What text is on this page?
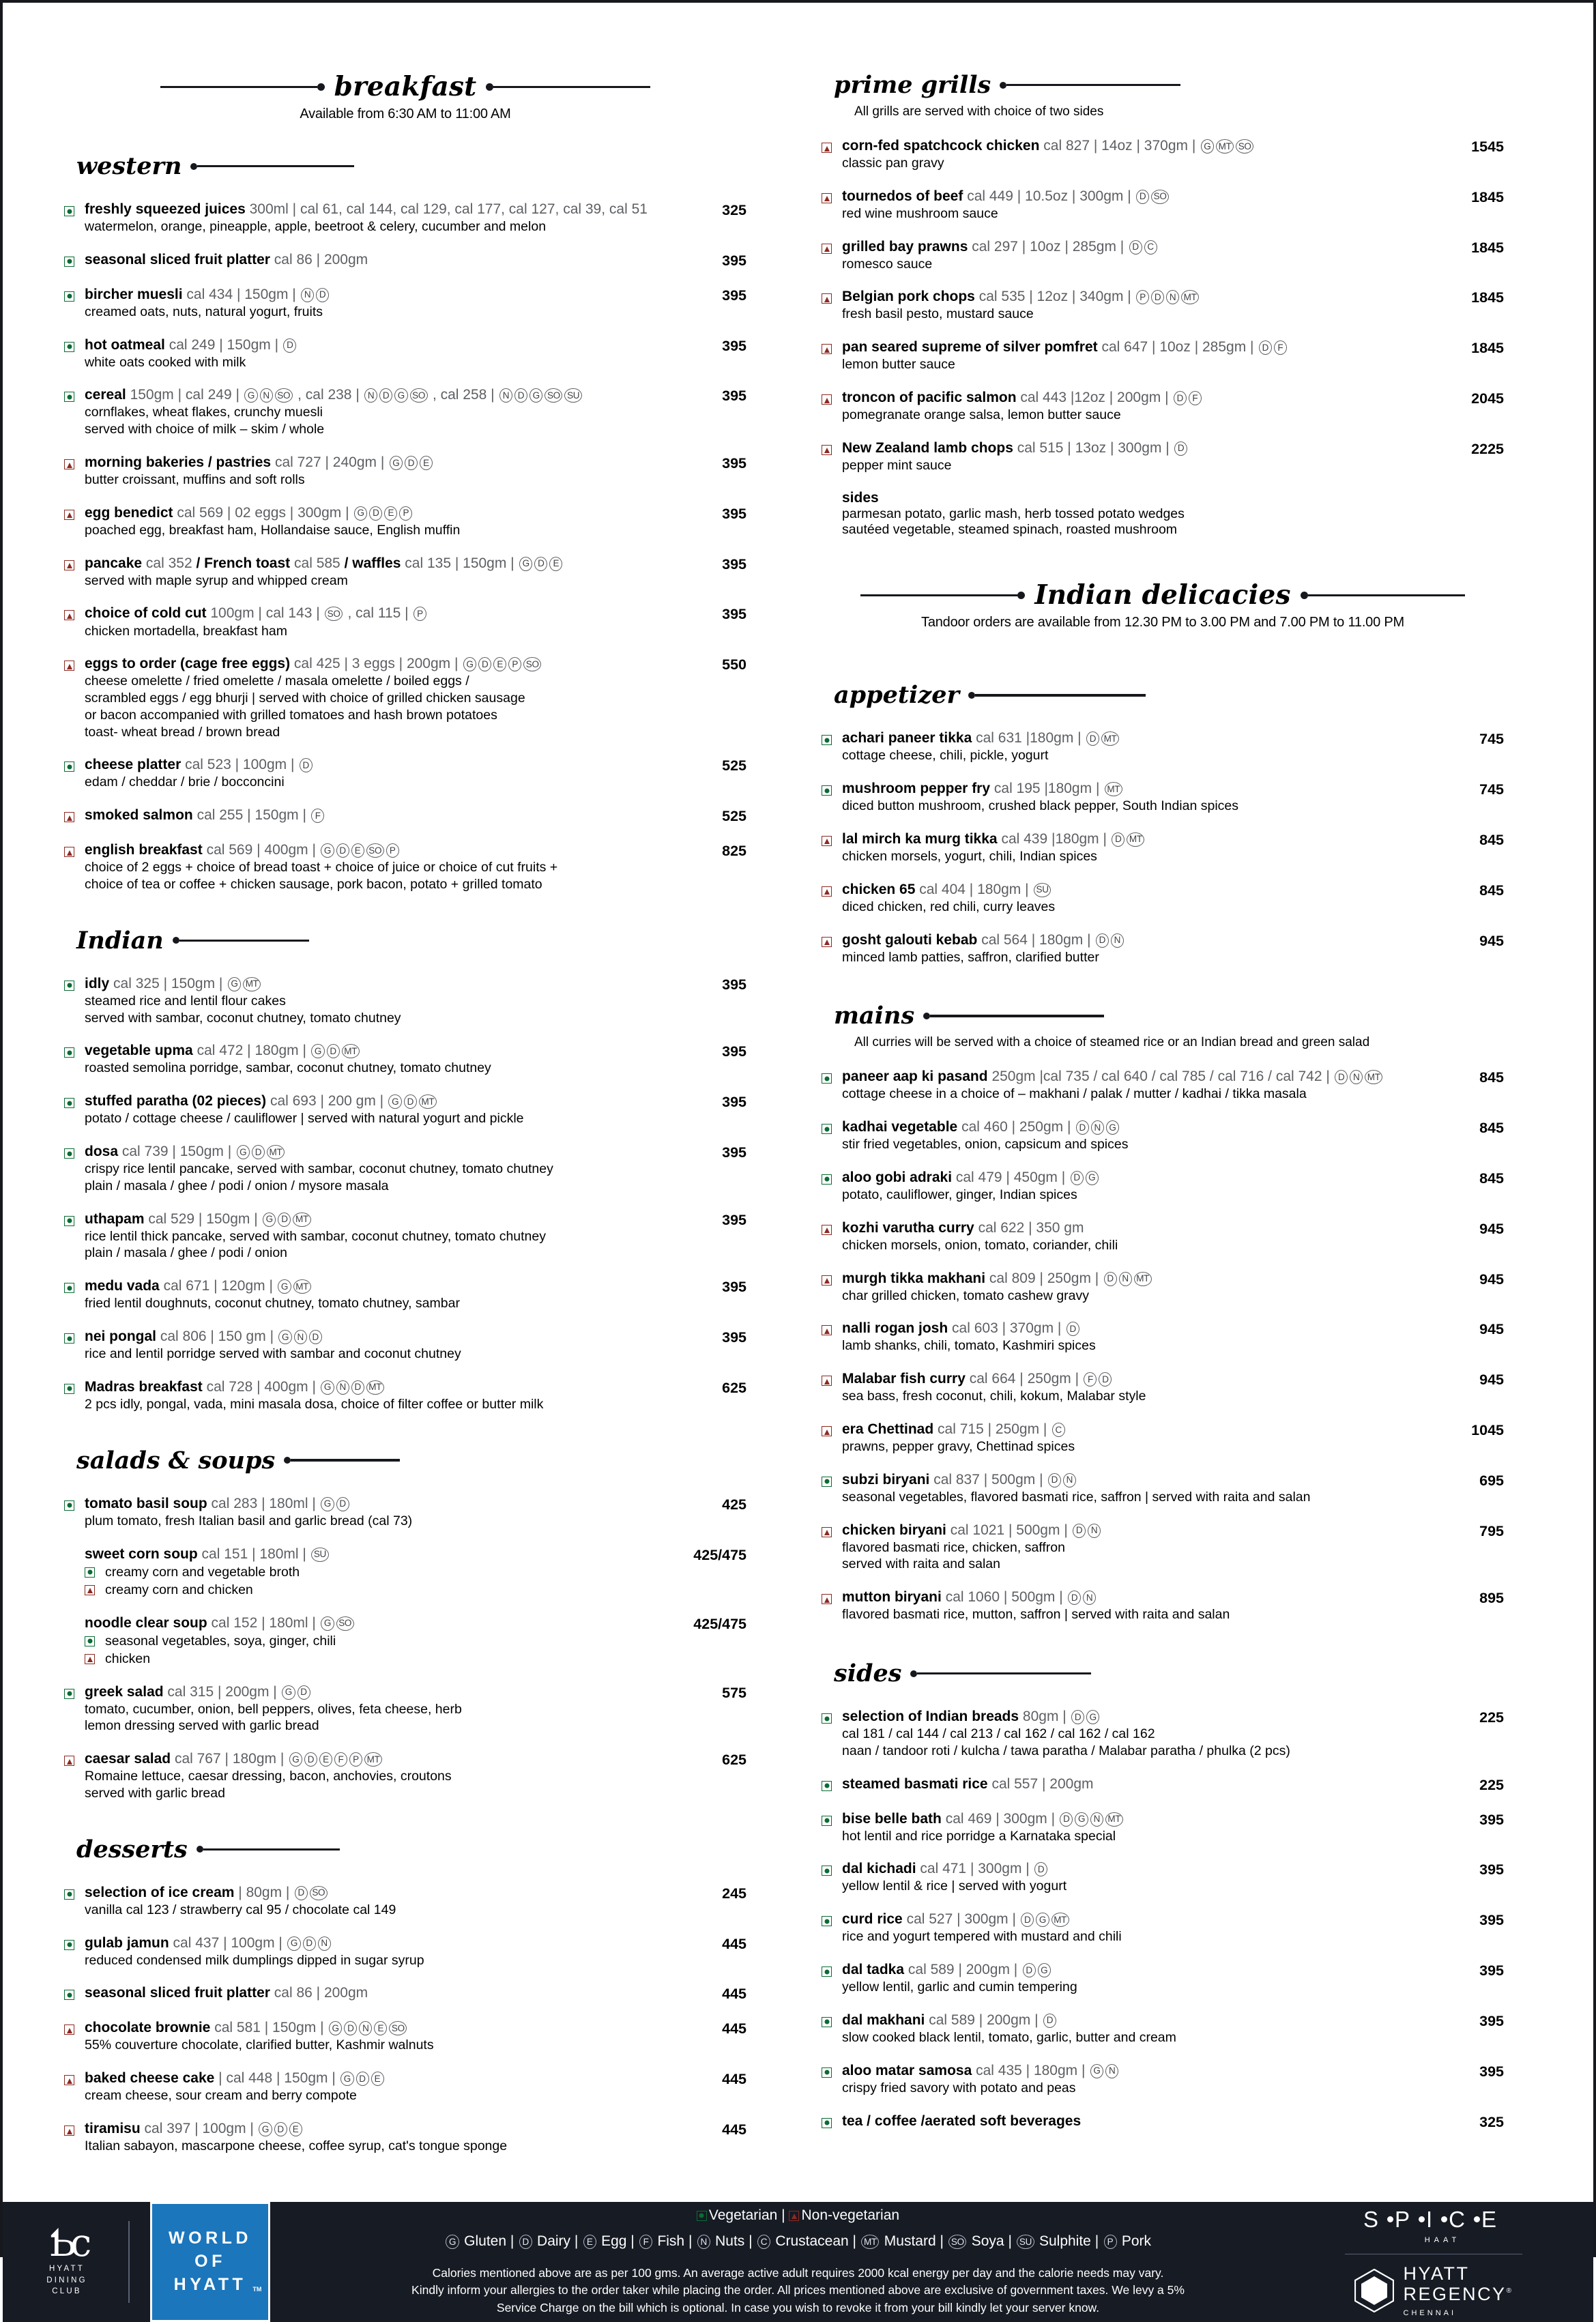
breakfast
Available from 6:30 AM to 11:00 AM
western
freshly squeezed juices 300ml | cal 61, cal 144, cal 129, cal 177, cal 127, cal 39, cal 51
watermelon, orange, pineapple, apple, beetroot & celery, cucumber and melon
325
seasonal sliced fruit platter cal 86 | 200gm	395
bircher muesli cal 434 | 150gm | N D
creamed oats, nuts, natural yogurt, fruits
395
hot oatmeal cal 249 | 150gm | D
white oats cooked with milk
395
cereal 150gm | cal 249 | G N SO , cal 238 | N D G SO , cal 258 | N D G SO SU
cornflakes, wheat flakes, crunchy muesli
served with choice of milk – skim / whole
395
morning bakeries / pastries cal 727 | 240gm | G D E
butter croissant, muffins and soft rolls
395
egg benedict cal 569 | 02 eggs | 300gm | G D E P
poached egg, breakfast ham, Hollandaise sauce, English muffin
395
pancake cal 352 / French toast cal 585 / waffles cal 135 | 150gm | G D E
served with maple syrup and whipped cream
395
choice of cold cut 100gm | cal 143 | SO , cal 115 | P
chicken mortadella, breakfast ham
395
eggs to order (cage free eggs) cal 425 | 3 eggs | 200gm | G D E P SO
cheese omelette / fried omelette / masala omelette / boiled eggs /
scrambled eggs / egg bhurji | served with choice of grilled chicken sausage
or bacon accompanied with grilled tomatoes and hash brown potatoes
toast- wheat bread / brown bread
550
cheese platter cal 523 | 100gm | D
edam / cheddar / brie / bocconcini
525
smoked salmon cal 255 | 150gm | F	525
english breakfast cal 569 | 400gm | G D E SO P
choice of 2 eggs + choice of bread toast + choice of juice or choice of cut fruits +
choice of tea or coffee + chicken sausage, pork bacon, potato + grilled tomato
825
Indian
idly cal 325 | 150gm | G MT
steamed rice and lentil flour cakes
served with sambar, coconut chutney, tomato chutney
395
vegetable upma cal 472 | 180gm | G D MT
roasted semolina porridge, sambar, coconut chutney, tomato chutney
395
stuffed paratha (02 pieces) cal 693 | 200 gm | G D MT
potato / cottage cheese / cauliflower | served with natural yogurt and pickle
395
dosa cal 739 | 150gm | G D MT
crispy rice lentil pancake, served with sambar, coconut chutney, tomato chutney
plain / masala / ghee / podi / onion / mysore masala
395
uthapam cal 529 | 150gm | G D MT
rice lentil thick pancake, served with sambar, coconut chutney, tomato chutney
plain / masala / ghee / podi / onion
395
medu vada cal 671 | 120gm | G MT
fried lentil doughnuts, coconut chutney, tomato chutney, sambar
395
nei pongal cal 806 | 150 gm | G N D
rice and lentil porridge served with sambar and coconut chutney
395
Madras breakfast cal 728 | 400gm | G N D MT
2 pcs idly, pongal, vada, mini masala dosa, choice of filter coffee or butter milk
625
salads & soups
tomato basil soup cal 283 | 180ml | G D
plum tomato, fresh Italian basil and garlic bread (cal 73)
425
sweet corn soup cal 151 | 180ml | SU
creamy corn and vegetable broth
creamy corn and chicken
425/475
noodle clear soup cal 152 | 180ml | G SO
seasonal vegetables, soya, ginger, chili
chicken
425/475
greek salad cal 315 | 200gm | G D
tomato, cucumber, onion, bell peppers, olives, feta cheese, herb
lemon dressing served with garlic bread
575
caesar salad cal 767 | 180gm | G D E F P MT
Romaine lettuce, caesar dressing, bacon, anchovies, croutons
served with garlic bread
625
desserts
selection of ice cream | 80gm | D SO
vanilla cal 123 / strawberry cal 95 / chocolate cal 149
245
gulab jamun cal 437 | 100gm | G D N
reduced condensed milk dumplings dipped in sugar syrup
445
seasonal sliced fruit platter cal 86 | 200gm	445
chocolate brownie cal 581 | 150gm | G D N E SO
55% couverture chocolate, clarified butter, Kashmir walnuts
445
baked cheese cake | cal 448 | 150gm | G D E
cream cheese, sour cream and berry compote
445
tiramisu cal 397 | 100gm | G D E
Italian sabayon, mascarpone cheese, coffee syrup, cat's tongue sponge
445
prime grills
All grills are served with choice of two sides
corn-fed spatchcock chicken cal 827 | 14oz | 370gm | G MT SO
classic pan gravy
1545
tournedos of beef cal 449 | 10.5oz | 300gm | D SO
red wine mushroom sauce
1845
grilled bay prawns cal 297 | 10oz | 285gm | D C
romesco sauce
1845
Belgian pork chops cal 535 | 12oz | 340gm | P D N MT
fresh basil pesto, mustard sauce
1845
pan seared supreme of silver pomfret cal 647 | 10oz | 285gm | D F
lemon butter sauce
1845
troncon of pacific salmon cal 443 |12oz | 200gm | D F
pomegranate orange salsa, lemon butter sauce
2045
New Zealand lamb chops cal 515 | 13oz | 300gm | D
pepper mint sauce
2225
sides
parmesan potato, garlic mash, herb tossed potato wedges
sautéed vegetable, steamed spinach, roasted mushroom
Indian delicacies
Tandoor orders are available from 12.30 PM to 3.00 PM and 7.00 PM to 11.00 PM
appetizer
achari paneer tikka cal 631 |180gm | D MT
cottage cheese, chili, pickle, yogurt
745
mushroom pepper fry cal 195 |180gm | MT
diced button mushroom, crushed black pepper, South Indian spices
745
lal mirch ka murg tikka cal 439 |180gm | D MT
chicken morsels, yogurt, chili, Indian spices
845
chicken 65 cal 404 | 180gm | SU
diced chicken, red chili, curry leaves
845
gosht galouti kebab cal 564 | 180gm | D N
minced lamb patties, saffron, clarified butter
945
mains
All curries will be served with a choice of steamed rice or an Indian bread and green salad
paneer aap ki pasand 250gm |cal 735 / cal 640 / cal 785 / cal 716 / cal 742 | D N MT
cottage cheese in a choice of – makhani / palak / mutter / kadhai / tikka masala
845
kadhai vegetable cal 460 | 250gm | D N G
stir fried vegetables, onion, capsicum and spices
845
aloo gobi adraki cal 479 | 450gm | D G
potato, cauliflower, ginger, Indian spices
845
kozhi varutha curry cal 622 | 350 gm
chicken morsels, onion, tomato, coriander, chili
945
murgh tikka makhani cal 809 | 250gm | D N MT
char grilled chicken, tomato cashew gravy
945
nalli rogan josh cal 603 | 370gm | D
lamb shanks, chili, tomato, Kashmiri spices
945
Malabar fish curry cal 664 | 250gm | F D
sea bass, fresh coconut, chili, kokum, Malabar style
945
era Chettinad cal 715 | 250gm | C
prawns, pepper gravy, Chettinad spices
1045
subzi biryani cal 837 | 500gm | D N
seasonal vegetables, flavored basmati rice, saffron | served with raita and salan
695
chicken biryani cal 1021 | 500gm | D N
flavored basmati rice, chicken, saffron
served with raita and salan
795
mutton biryani cal 1060 | 500gm | D N
flavored basmati rice, mutton, saffron | served with raita and salan
895
sides
selection of Indian breads 80gm | D G
cal 181 / cal 144 / cal 213 / cal 162 / cal 162 / cal 162
naan / tandoor roti / kulcha / tawa paratha / Malabar paratha / phulka (2 pcs)
225
steamed basmati rice cal 557 | 200gm	225
bise belle bath cal 469 | 300gm | D G N MT
hot lentil and rice porridge a Karnataka special
395
dal kichadi cal 471 | 300gm | D
yellow lentil & rice | served with yogurt
395
curd rice cal 527 | 300gm | D G MT
rice and yogurt tempered with mustard and chili
395
dal tadka cal 589 | 200gm | D G
yellow lentil, garlic and cumin tempering
395
dal makhani cal 589 | 200gm | D
slow cooked black lentil, tomato, garlic, butter and cream
395
aloo matar samosa cal 435 | 180gm | G N
crispy fried savory with potato and peas
395
tea / coffee /aerated soft beverages	325
Ƅc
HYATT
DINING
CLUB
WORLD
OF
HYATT TM
Vegetarian | Non-vegetarian
G Gluten | D Dairy | E Egg | F Fish | N Nuts | C Crustacean | MT Mustard | SO Soya | SU Sulphite | P Pork
Calories mentioned above are as per 100 gms. An average active adult requires 2000 kcal energy per day and the calorie needs may vary.
Kindly inform your allergies to the order taker while placing the order. All prices mentioned above are exclusive of government taxes. We levy a 5%
Service Charge on the bill which is optional. In case you wish to revoke it from your bill kindly let your server know.
S P I C E
HAAT
HYATT
REGENCY ®
CHENNAI
